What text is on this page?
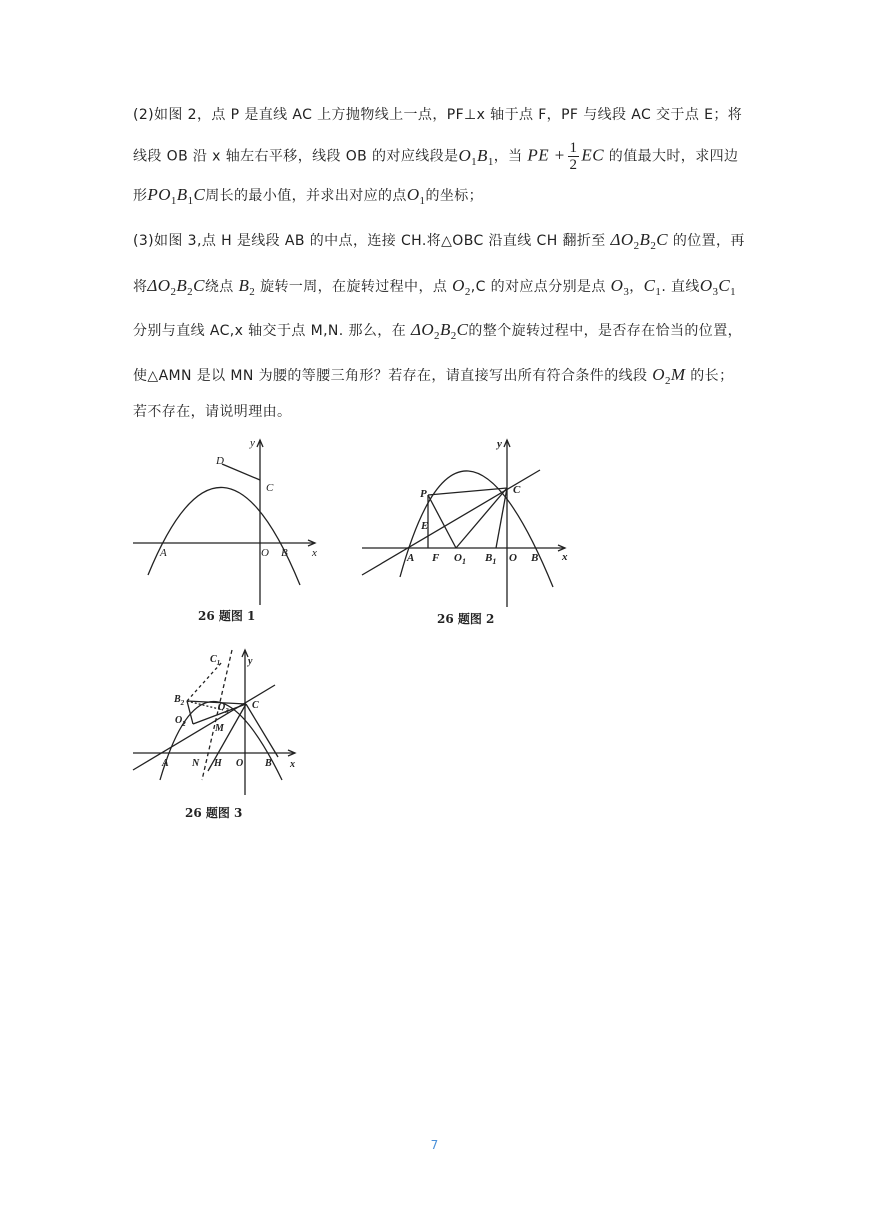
(2)如图 2，点 P 是直线 AC 上方抛物线上一点，PF⊥x 轴于点 F，PF 与线段 AC 交于点 E；将
线段 OB 沿 x 轴左右平移，线段 OB 的对应线段是$O_1B_1$，当 PE + $\frac{1}{2}$ EC 的值最大时，求四边
形$PO_1B_1C$周长的最小值，并求出对应的点$O_1$的坐标；
(3)如图 3,点 H 是线段 AB 的中点，连接 CH.将△OBC 沿直线 CH 翻折至 $\Delta O_2B_2C$ 的位置，再
将$\Delta O_2B_2C$绕点 $B_2$ 旋转一周，在旋转过程中，点 $O_2,C$ 的对应点分别是点 $O_3$，$C_1$. 直线$O_3C_1$
分别与直线 AC,x 轴交于点 M,N. 那么，在 $\Delta O_2B_2C$的整个旋转过程中，是否存在恰当的位置，
使△AMN 是以 MN 为腰的等腰三角形？若存在，请直接写出所有符合条件的线段 $O_2M$ 的长；
若不存在，请说明理由。
y
x
D
C
A	O B
26 题图 1
y
x
P	C
E
A F $O_1$ $B_1$ O B
26 题图 2
y
x
$C_1$
$B_2$	$O_3$
$O_2$	M
C
A N H O B
26 题图 3
7
